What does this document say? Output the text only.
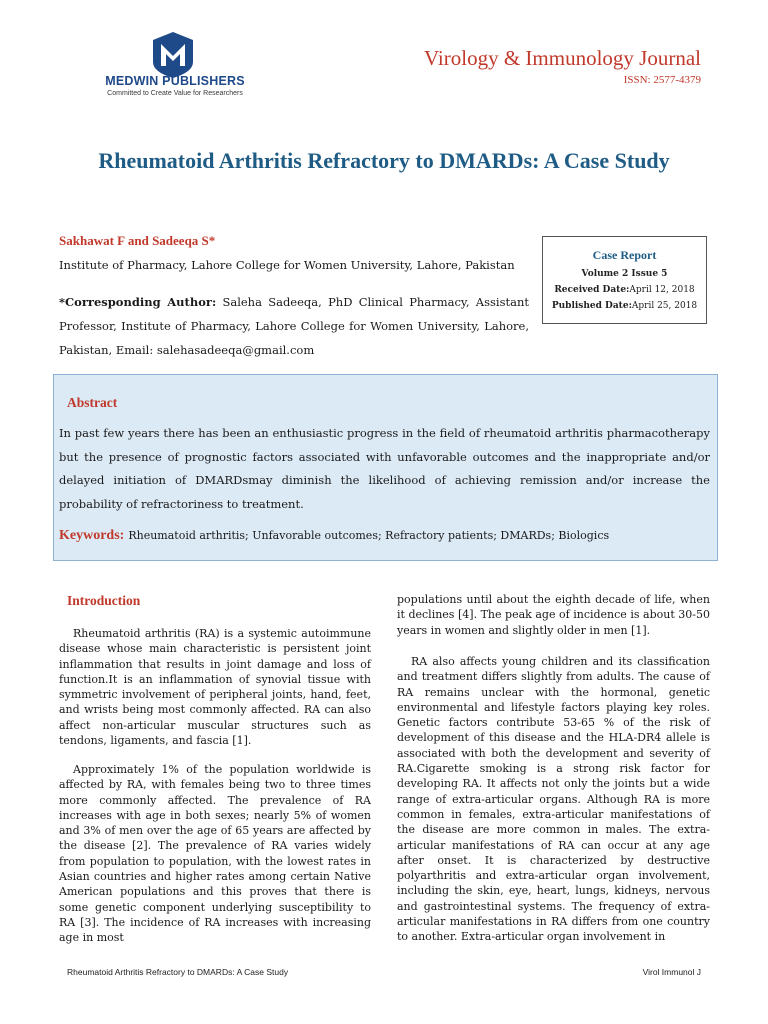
MEDWIN PUBLISHERS
Committed to Create Value for Researchers
Virology & Immunology Journal
ISSN: 2577-4379
Rheumatoid Arthritis Refractory to DMARDs: A Case Study
Sakhawat F and Sadeeqa S*
Institute of Pharmacy, Lahore College for Women University, Lahore, Pakistan
*Corresponding Author: Saleha Sadeeqa, PhD Clinical Pharmacy, Assistant Professor, Institute of Pharmacy, Lahore College for Women University, Lahore, Pakistan, Email: salehasadeeqa@gmail.com
Case Report
Volume 2 Issue 5
Received Date:April 12, 2018
Published Date:April 25, 2018
Abstract
In past few years there has been an enthusiastic progress in the field of rheumatoid arthritis pharmacotherapy but the presence of prognostic factors associated with unfavorable outcomes and the inappropriate and/or delayed initiation of DMARDsmay diminish the likelihood of achieving remission and/or increase the probability of refractoriness to treatment.
Keywords: Rheumatoid arthritis; Unfavorable outcomes; Refractory patients; DMARDs; Biologics
Introduction

Rheumatoid arthritis (RA) is a systemic autoimmune disease whose main characteristic is persistent joint inflammation that results in joint damage and loss of function.It is an inflammation of synovial tissue with symmetric involvement of peripheral joints, hand, feet, and wrists being most commonly affected. RA can also affect non-articular muscular structures such as tendons, ligaments, and fascia [1].

Approximately 1% of the population worldwide is affected by RA, with females being two to three times more commonly affected. The prevalence of RA increases with age in both sexes; nearly 5% of women and 3% of men over the age of 65 years are affected by the disease [2]. The prevalence of RA varies widely from population to population, with the lowest rates in Asian countries and higher rates among certain Native American populations and this proves that there is some genetic component underlying susceptibility to RA [3]. The incidence of RA increases with increasing age in most

populations until about the eighth decade of life, when it declines [4]. The peak age of incidence is about 30-50 years in women and slightly older in men [1].

RA also affects young children and its classification and treatment differs slightly from adults. The cause of RA remains unclear with the hormonal, genetic environmental and lifestyle factors playing key roles. Genetic factors contribute 53-65 % of the risk of development of this disease and the HLA-DR4 allele is associated with both the development and severity of RA.Cigarette smoking is a strong risk factor for developing RA. It affects not only the joints but a wide range of extra-articular organs. Although RA is more common in females, extra-articular manifestations of the disease are more common in males. The extra-articular manifestations of RA can occur at any age after onset. It is characterized by destructive polyarthritis and extra-articular organ involvement, including the skin, eye, heart, lungs, kidneys, nervous and gastrointestinal systems. The frequency of extra-articular manifestations in RA differs from one country to another. Extra-articular organ involvement in

Rheumatoid Arthritis Refractory to DMARDs: A Case Study	Virol Immunol J
